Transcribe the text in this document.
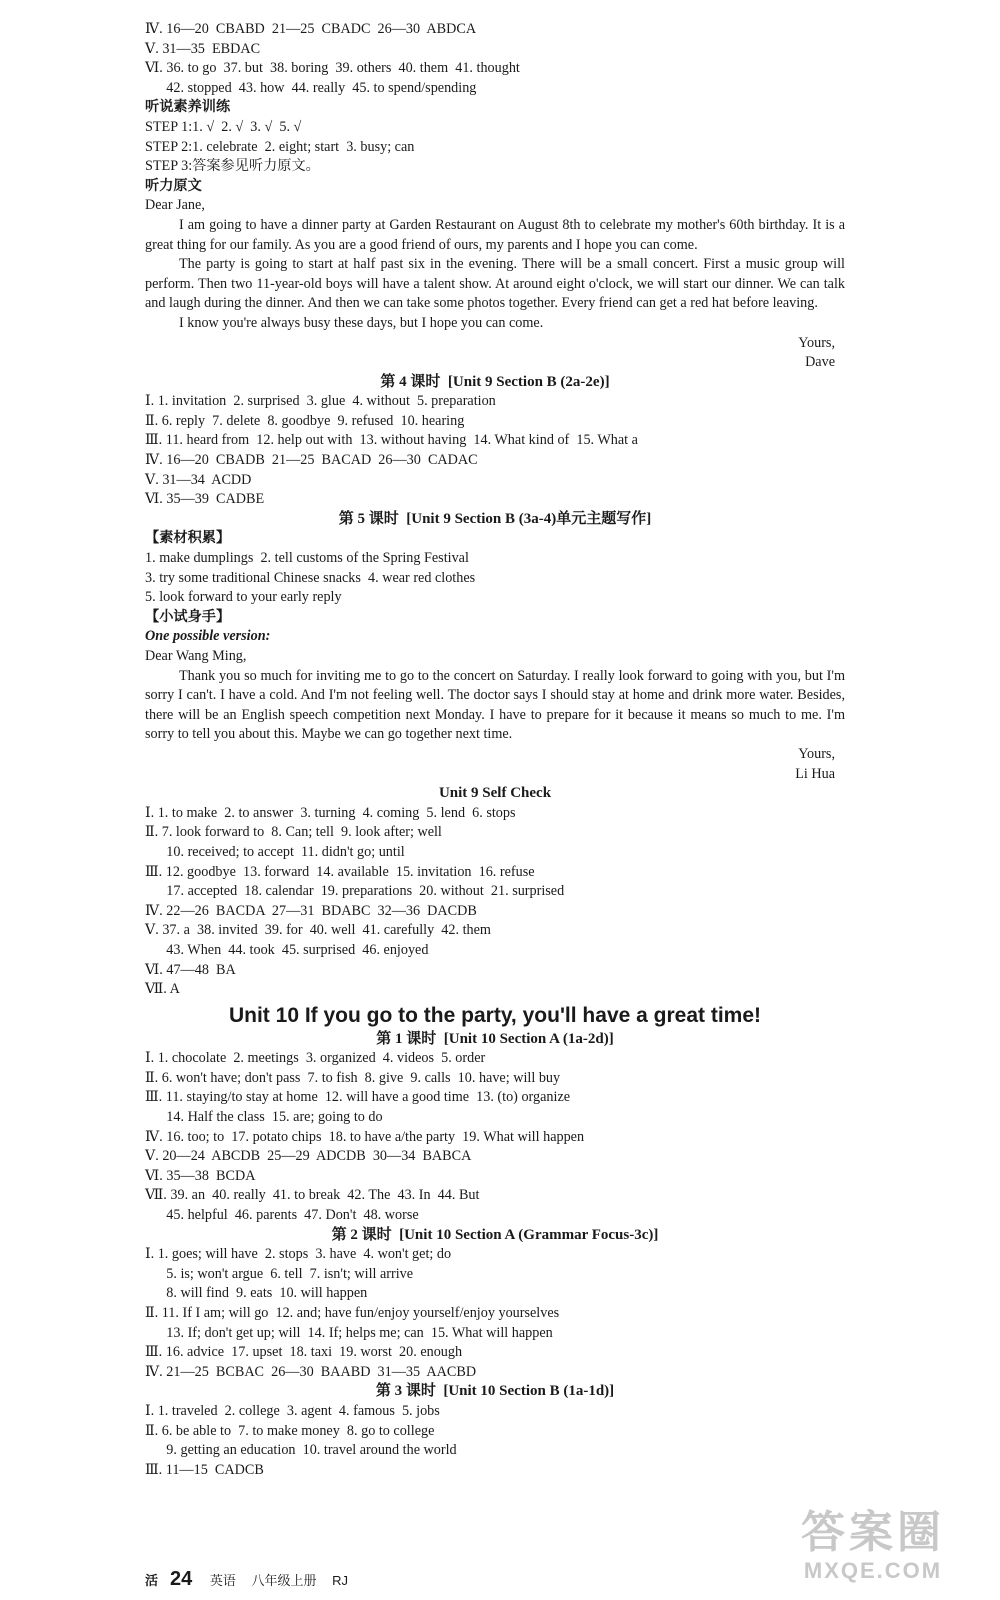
Ⅳ. 16—20  CBABD  21—25  CBADC  26—30  ABDCA
Ⅴ. 31—35  EBDAC
Ⅵ. 36. to go  37. but  38. boring  39. others  40. them  41. thought
42. stopped  43. how  44. really  45. to spend/spending
听说素养训练
STEP 1:1. √  2. √  3. √  5. √
STEP 2:1. celebrate  2. eight; start  3. busy; can
STEP 3:答案参见听力原文。
听力原文
Dear Jane,
I am going to have a dinner party at Garden Restaurant on August 8th to celebrate my mother's 60th birthday. It is a great thing for our family. As you are a good friend of ours, my parents and I hope you can come.
The party is going to start at half past six in the evening. There will be a small concert. First a music group will perform. Then two 11-year-old boys will have a talent show. At around eight o'clock, we will start our dinner. We can talk and laugh during the dinner. And then we can take some photos together. Every friend can get a red hat before leaving.
I know you're always busy these days, but I hope you can come.
Yours,
Dave
第 4 课时  [Unit 9 Section B (2a-2e)]
Ⅰ. 1. invitation  2. surprised  3. glue  4. without  5. preparation
Ⅱ. 6. reply  7. delete  8. goodbye  9. refused  10. hearing
Ⅲ. 11. heard from  12. help out with  13. without having  14. What kind of  15. What a
Ⅳ. 16—20  CBADB  21—25  BACAD  26—30  CADAC
Ⅴ. 31—34  ACDD
Ⅵ. 35—39  CADBE
第 5 课时  [Unit 9 Section B (3a-4)单元主题写作]
【素材积累】
1. make dumplings  2. tell customs of the Spring Festival
3. try some traditional Chinese snacks  4. wear red clothes
5. look forward to your early reply
【小试身手】
One possible version:
Dear Wang Ming,
Thank you so much for inviting me to go to the concert on Saturday. I really look forward to going with you, but I'm sorry I can't. I have a cold. And I'm not feeling well. The doctor says I should stay at home and drink more water. Besides, there will be an English speech competition next Monday. I have to prepare for it because it means so much to me. I'm sorry to tell you about this. Maybe we can go together next time.
Yours,
Li Hua
Unit 9 Self Check
Ⅰ. 1. to make  2. to answer  3. turning  4. coming  5. lend  6. stops
Ⅱ. 7. look forward to  8. Can; tell  9. look after; well
10. received; to accept  11. didn't go; until
Ⅲ. 12. goodbye  13. forward  14. available  15. invitation  16. refuse
17. accepted  18. calendar  19. preparations  20. without  21. surprised
Ⅳ. 22—26  BACDA  27—31  BDABC  32—36  DACDB
Ⅴ. 37. a  38. invited  39. for  40. well  41. carefully  42. them
43. When  44. took  45. surprised  46. enjoyed
Ⅵ. 47—48  BA
Ⅶ. A
Unit 10 If you go to the party, you'll have a great time!
第 1 课时  [Unit 10 Section A (1a-2d)]
Ⅰ. 1. chocolate  2. meetings  3. organized  4. videos  5. order
Ⅱ. 6. won't have; don't pass  7. to fish  8. give  9. calls  10. have; will buy
Ⅲ. 11. staying/to stay at home  12. will have a good time  13. (to) organize
14. Half the class  15. are; going to do
Ⅳ. 16. too; to  17. potato chips  18. to have a/the party  19. What will happen
Ⅴ. 20—24  ABCDB  25—29  ADCDB  30—34  BABCA
Ⅵ. 35—38  BCDA
Ⅶ. 39. an  40. really  41. to break  42. The  43. In  44. But
45. helpful  46. parents  47. Don't  48. worse
第 2 课时  [Unit 10 Section A (Grammar Focus-3c)]
Ⅰ. 1. goes; will have  2. stops  3. have  4. won't get; do
5. is; won't argue  6. tell  7. isn't; will arrive
8. will find  9. eats  10. will happen
Ⅱ. 11. If I am; will go  12. and; have fun/enjoy yourself/enjoy yourselves
13. If; don't get up; will  14. If; helps me; can  15. What will happen
Ⅲ. 16. advice  17. upset  18. taxi  19. worst  20. enough
Ⅳ. 21—25  BCBAC  26—30  BAABD  31—35  AACBD
第 3 课时  [Unit 10 Section B (1a-1d)]
Ⅰ. 1. traveled  2. college  3. agent  4. famous  5. jobs
Ⅱ. 6. be able to  7. to make money  8. go to college
9. getting an education  10. travel around the world
Ⅲ. 11—15  CADCB
活 24 英语 八年级上册 RJ
答案圈
MXQE.COM
